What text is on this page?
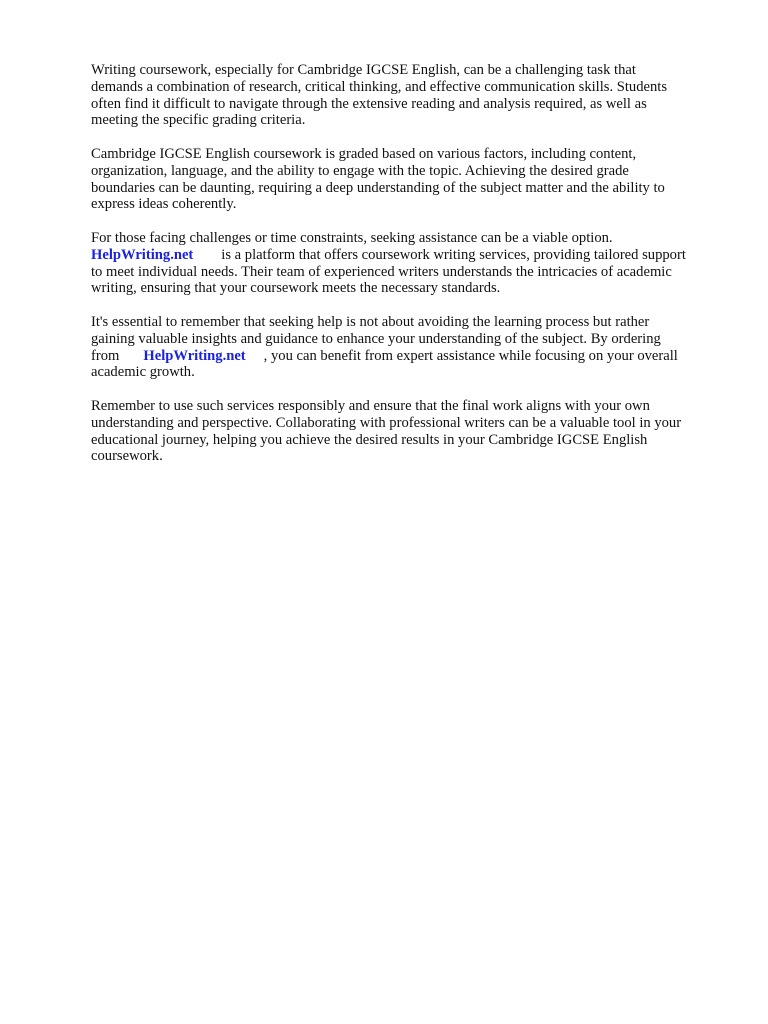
Writing coursework, especially for Cambridge IGCSE English, can be a challenging task that
demands a combination of research, critical thinking, and effective communication skills. Students
often find it difficult to navigate through the extensive reading and analysis required, as well as
meeting the specific grading criteria.

Cambridge IGCSE English coursework is graded based on various factors, including content,
organization, language, and the ability to engage with the topic. Achieving the desired grade
boundaries can be daunting, requiring a deep understanding of the subject matter and the ability to
express ideas coherently.

For those facing challenges or time constraints, seeking assistance can be a viable option.
HelpWriting.net is a platform that offers coursework writing services, providing tailored support
to meet individual needs. Their team of experienced writers understands the intricacies of academic
writing, ensuring that your coursework meets the necessary standards.

It's essential to remember that seeking help is not about avoiding the learning process but rather
gaining valuable insights and guidance to enhance your understanding of the subject. By ordering
from HelpWriting.net , you can benefit from expert assistance while focusing on your overall
academic growth.

Remember to use such services responsibly and ensure that the final work aligns with your own
understanding and perspective. Collaborating with professional writers can be a valuable tool in your
educational journey, helping you achieve the desired results in your Cambridge IGCSE English
coursework.
